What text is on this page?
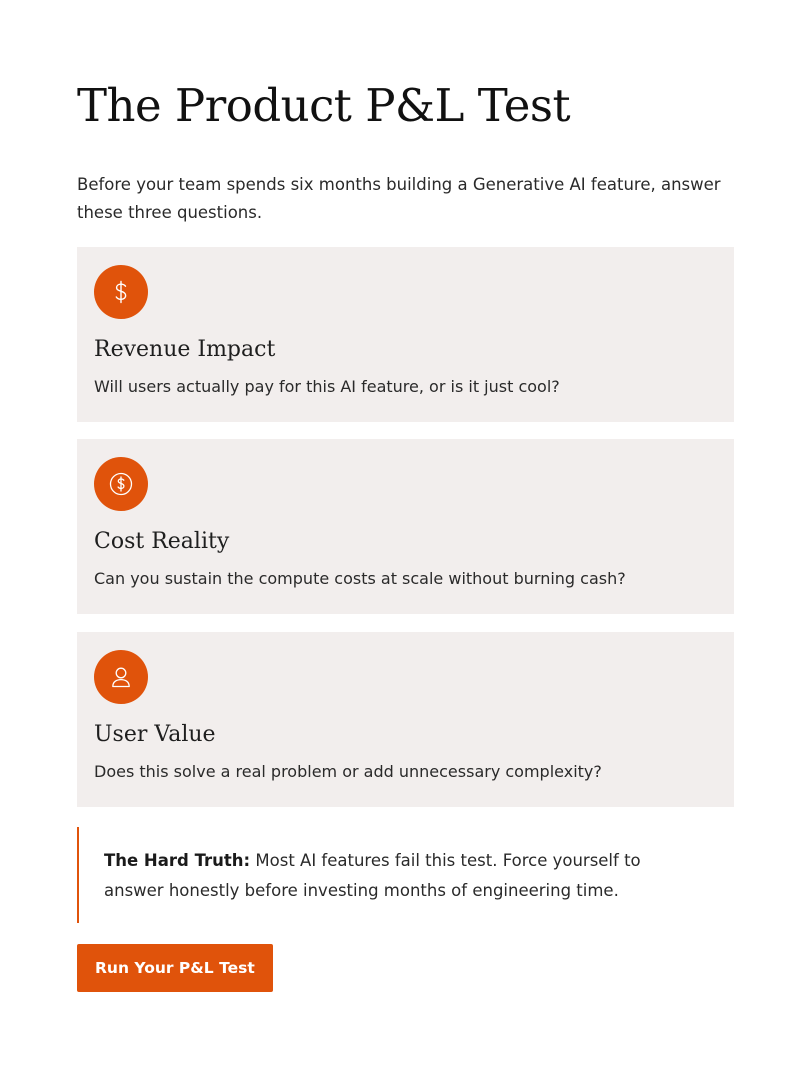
The Product P&L Test

Before your team spends six months building a Generative AI feature, answer these three questions.

Revenue Impact

Will users actually pay for this AI feature, or is it just cool?

Cost Reality

Can you sustain the compute costs at scale without burning cash?

User Value

Does this solve a real problem or add unnecessary complexity?

The Hard Truth: Most AI features fail this test. Force yourself to answer honestly before investing months of engineering time.

Run Your P&L Test
